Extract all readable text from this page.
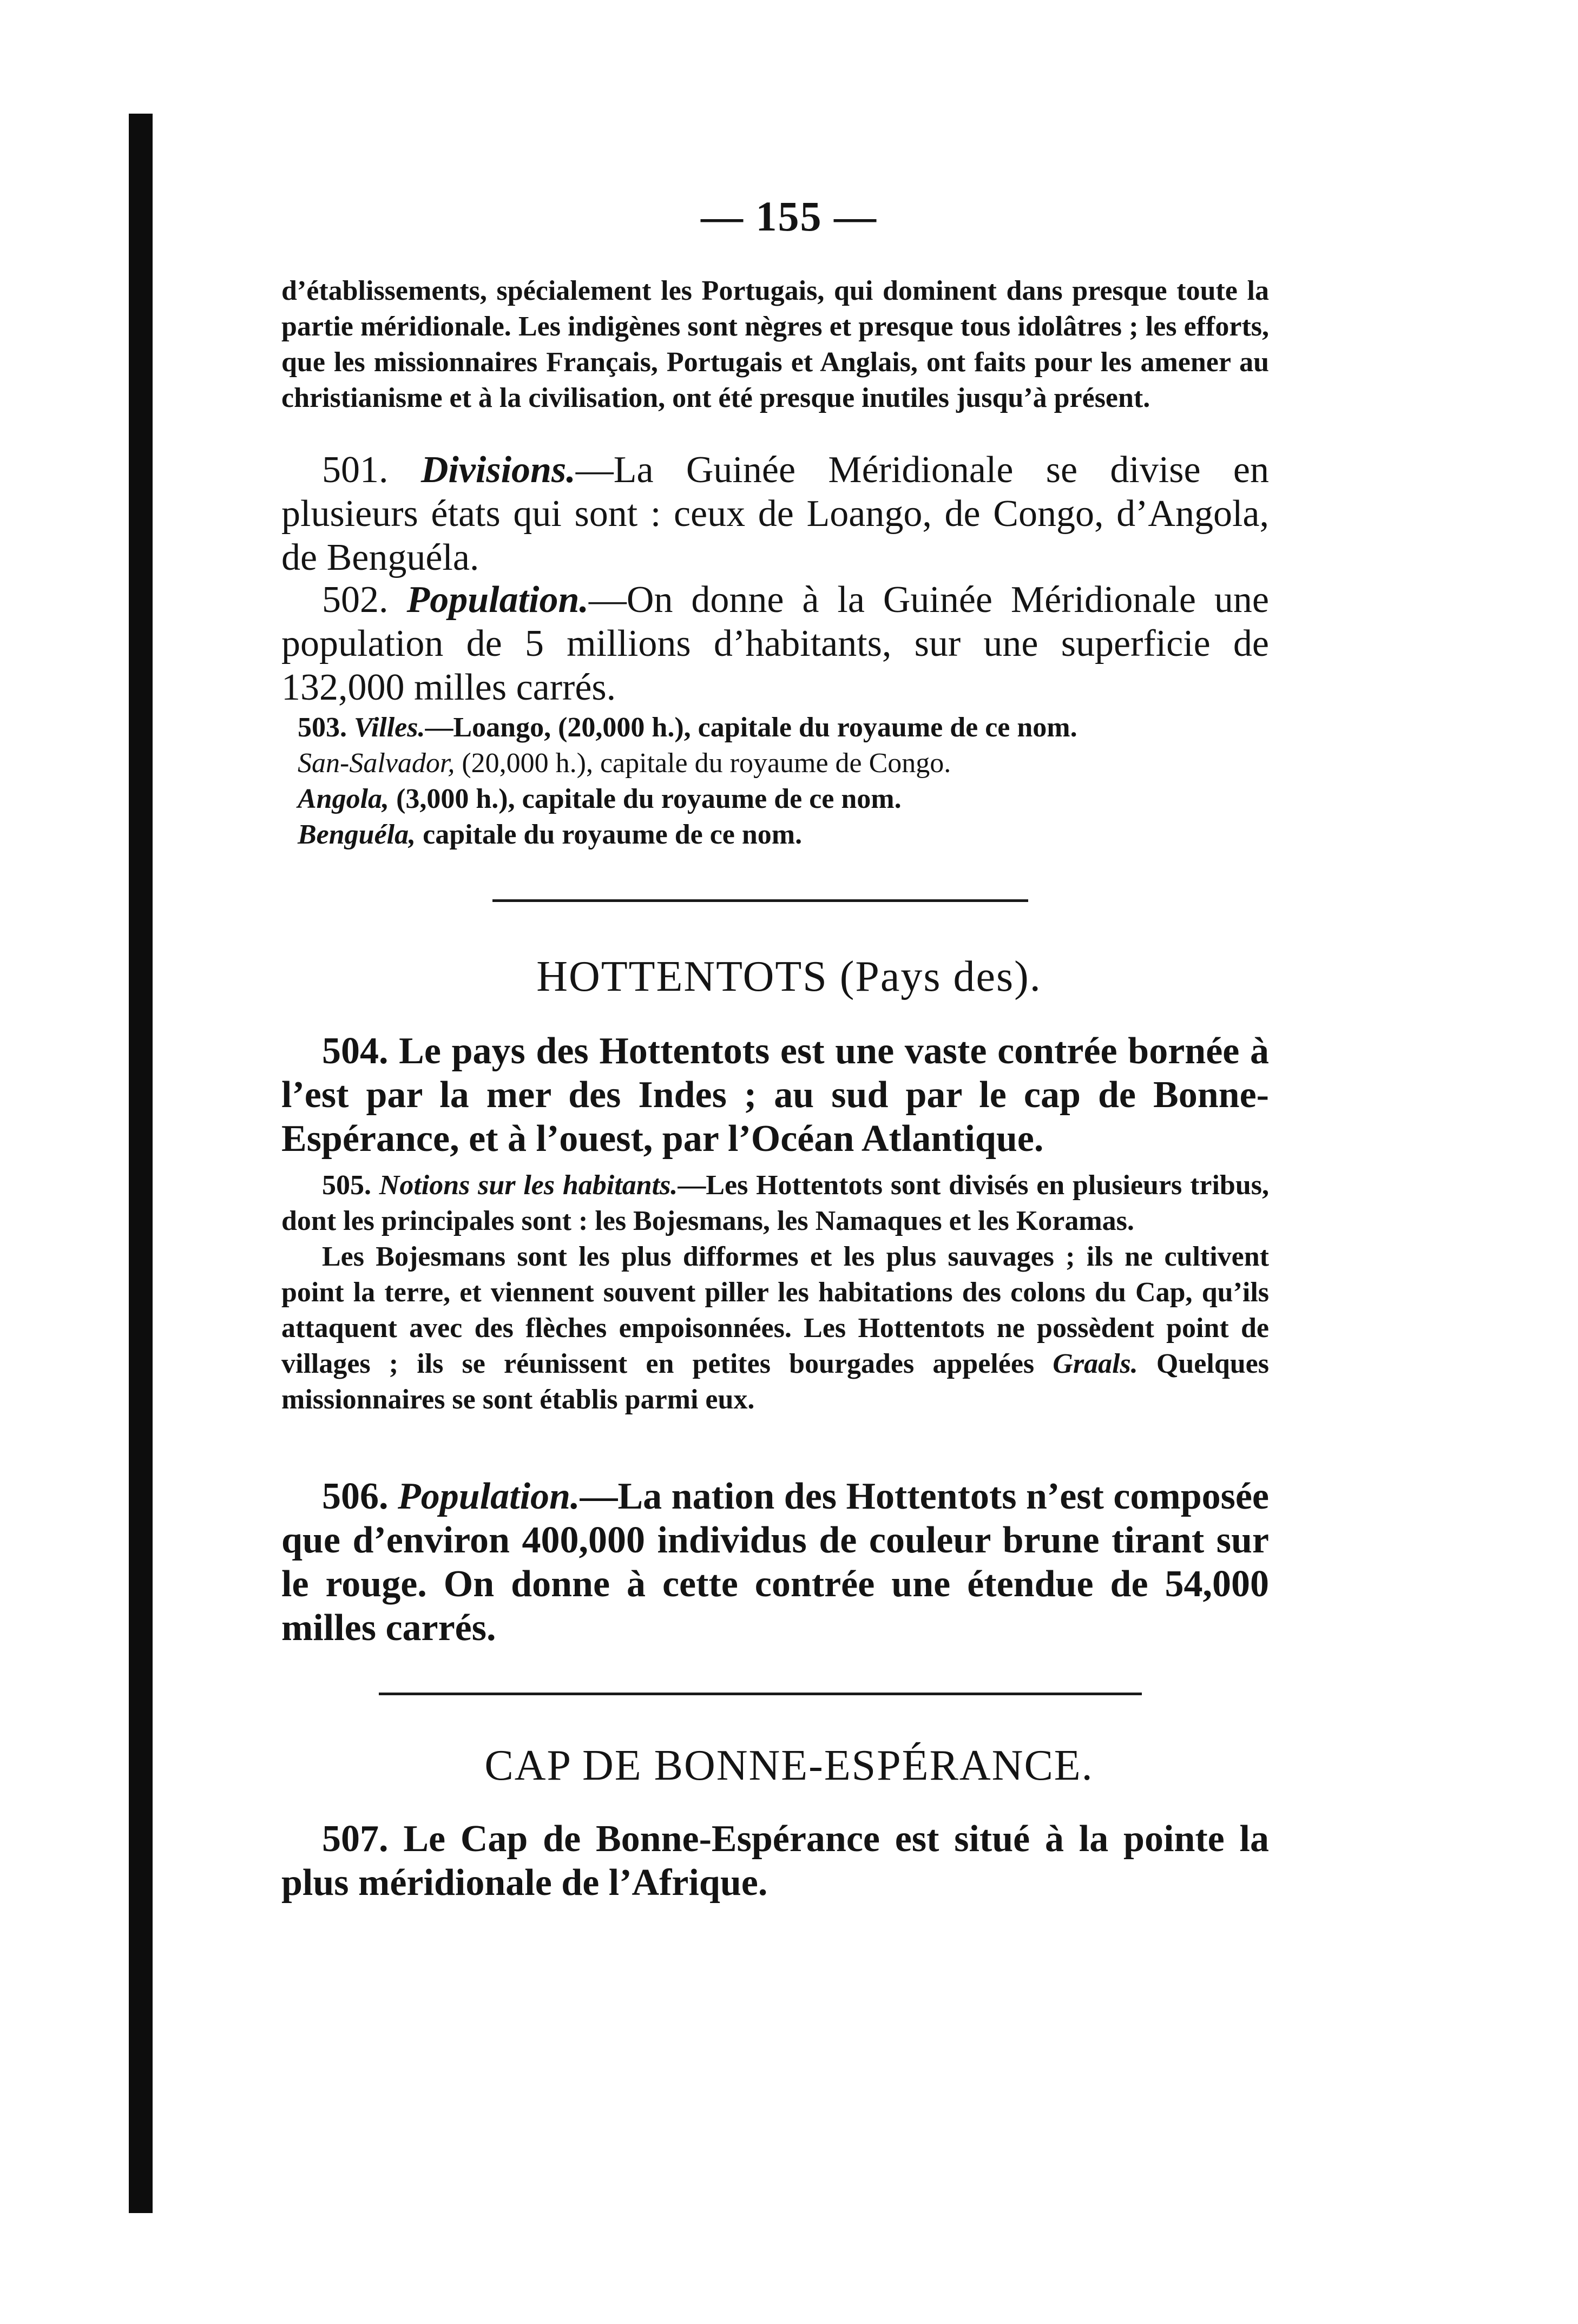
— 155 —

d’établissements, spécialement les Portugais, qui dominent dans presque toute la partie méridionale. Les indigènes sont nègres et presque tous idolâtres ; les efforts, que les missionnaires Français, Portugais et Anglais, ont faits pour les amener au christianisme et à la civilisation, ont été presque inutiles jusqu’à présent.

501. Divisions.—La Guinée Méridionale se divise en plusieurs états qui sont : ceux de Loango, de Congo, d’Angola, de Benguéla.

502. Population.—On donne à la Guinée Méridionale une population de 5 millions d’habitants, sur une superficie de 132,000 milles carrés.

503. Villes.—Loango, (20,000 h.), capitale du royaume de ce nom.
San-Salvador, (20,000 h.), capitale du royaume de Congo.
Angola, (3,000 h.), capitale du royaume de ce nom.
Benguéla, capitale du royaume de ce nom.
HOTTENTOTS (Pays des).

504. Le pays des Hottentots est une vaste contrée bornée à l’est par la mer des Indes ; au sud par le cap de Bonne-Espérance, et à l’ouest, par l’Océan Atlantique.

505. Notions sur les habitants.—Les Hottentots sont divisés en plusieurs tribus, dont les principales sont : les Bojesmans, les Namaques et les Koramas.

Les Bojesmans sont les plus difformes et les plus sauvages ; ils ne cultivent point la terre, et viennent souvent piller les habitations des colons du Cap, qu’ils attaquent avec des flèches empoisonnées. Les Hottentots ne possèdent point de villages ; ils se réunissent en petites bourgades appelées Graals. Quelques missionnaires se sont établis parmi eux.

506. Population.—La nation des Hottentots n’est composée que d’environ 400,000 individus de couleur brune tirant sur le rouge. On donne à cette contrée une étendue de 54,000 milles carrés.

CAP DE BONNE-ESPÉRANCE.

507. Le Cap de Bonne-Espérance est situé à la pointe la plus méridionale de l’Afrique.
